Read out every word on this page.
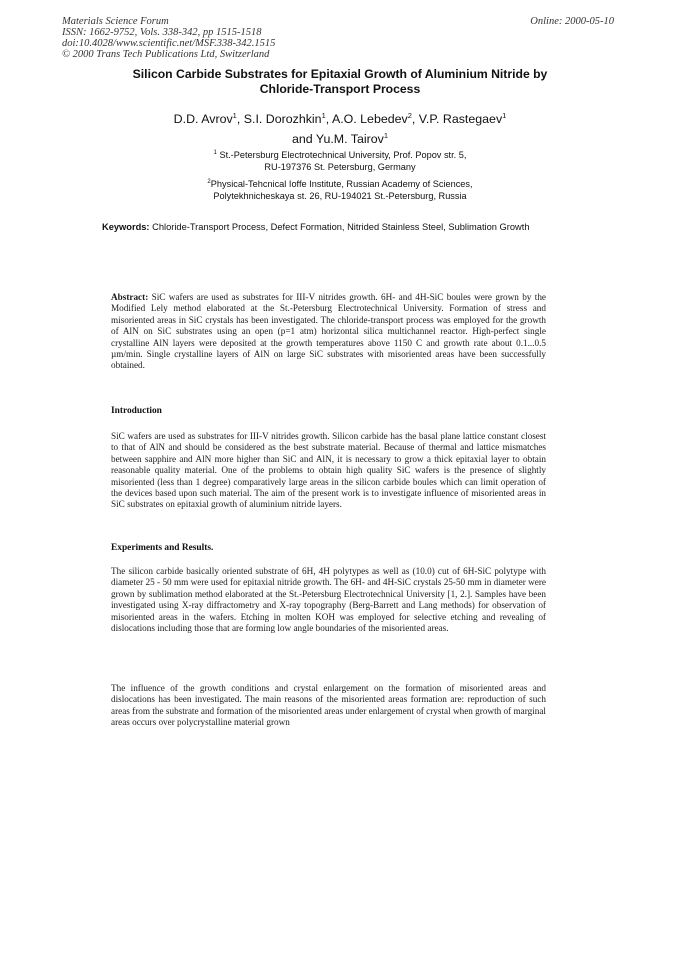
Materials Science Forum
ISSN: 1662-9752, Vols. 338-342, pp 1515-1518
doi:10.4028/www.scientific.net/MSF.338-342.1515
© 2000 Trans Tech Publications Ltd, Switzerland
Online: 2000-05-10
Silicon Carbide Substrates for Epitaxial Growth of Aluminium Nitride by
Chloride-Transport Process
D.D. Avrov$^1$, S.I. Dorozhkin$^1$, A.O. Lebedev$^2$, V.P. Rastegaev$^1$
and Yu.M. Tairov$^1$
$^1$ St.-Petersburg Electrotechnical University, Prof. Popov str. 5,
RU-197376 St. Petersburg, Germany
$^2$Physical-Tehcnical Ioffe Institute, Russian Academy of Sciences,
Polytekhnicheskaya st. 26, RU-194021 St.-Petersburg, Russia
Keywords: Chloride-Transport Process, Defect Formation, Nitrided Stainless Steel, Sublimation Growth
Abstract: SiC wafers are used as substrates for III-V nitrides growth. 6H- and 4H-SiC boules were grown by the Modified Lely method elaborated at the St.-Petersburg Electrotechnical University. Formation of stress and misoriented areas in SiC crystals has been investigated. The chloride-transport process was employed for the growth of AlN on SiC substrates using an open (p=1 atm) horizontal silica multichannel reactor. High-perfect single crystalline AlN layers were deposited at the growth temperatures above 1150 C and growth rate about 0.1...0.5 µm/min. Single crystalline layers of AlN on large SiC substrates with misoriented areas have been successfully obtained.
Introduction
SiC wafers are used as substrates for III-V nitrides growth. Silicon carbide has the basal plane lattice constant closest to that of AlN and should be considered as the best substrate material. Because of thermal and lattice mismatches between sapphire and AlN more higher than SiC and AlN, it is necessary to grow a thick epitaxial layer to obtain reasonable quality material. One of the problems to obtain high quality SiC wafers is the presence of slightly misoriented (less than 1 degree) comparatively large areas in the silicon carbide boules which can limit operation of the devices based upon such material. The aim of the present work is to investigate influence of misoriented areas in SiC substrates on epitaxial growth of aluminium nitride layers.
Experiments and Results.
The silicon carbide basically oriented substrate of 6H, 4H polytypes as well as (10.0) cut of 6H-SiC polytype with diameter 25 - 50 mm were used for epitaxial nitride growth. The 6H- and 4H-SiC crystals 25-50 mm in diameter were grown by sublimation method elaborated at the St.-Petersburg Electrotechnical University [1, 2.]. Samples have been investigated using X-ray diffractometry and X-ray topography (Berg-Barrett and Lang methods) for observation of misoriented areas in the wafers. Etching in molten KOH was employed for selective etching and revealing of dislocations including those that are forming low angle boundaries of the misoriented areas.
The influence of the growth conditions and crystal enlargement on the formation of misoriented areas and dislocations has been investigated. The main reasons of the misoriented areas formation are: reproduction of such areas from the substrate and formation of the misoriented areas under enlargement of crystal when growth of marginal areas occurs over polycrystalline material grown
